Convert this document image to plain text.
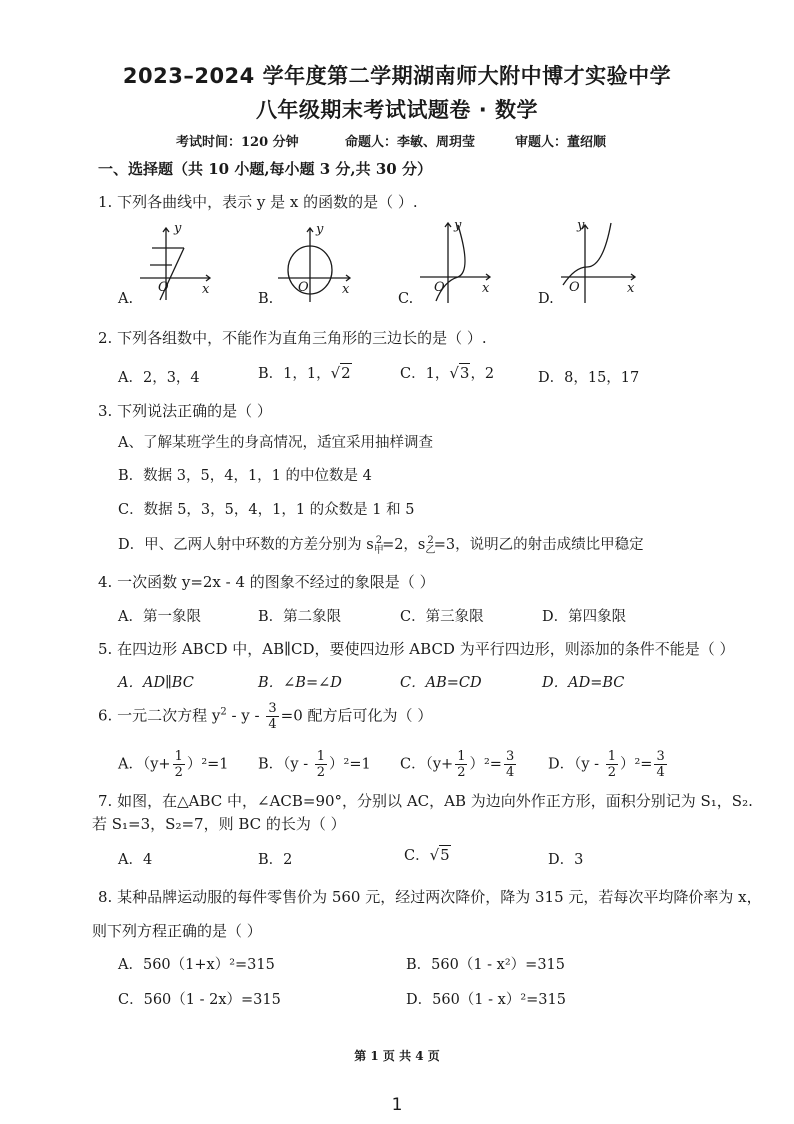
2023–2024 学年度第二学期湖南师大附中博才实验中学
八年级期末考试试题卷 · 数学
考试时间：120 分钟	命题人：李敏、周玥莹	审题人：董绍顺
一、选择题（共 10 小题,每小题 3 分,共 30 分）
1. 下列各曲线中，表示 y 是 x 的函数的是（ ）.
y
x
O
A.
y
x
O
B.
y
x
O
C.
y
x
O
D.
2. 下列各组数中，不能作为直角三角形的三边长的是（ ）.
A．2，3，4	B．1，1，√2	C．1，√3，2	D．8，15，17
3. 下列说法正确的是（ ）
A、了解某班学生的身高情况，适宜采用抽样调查
B．数据 3，5，4，1，1 的中位数是 4
C．数据 5，3，5，4，1，1 的众数是 1 和 5
D．甲、乙两人射中环数的方差分别为 $s_甲^2=2$，$s_乙^2=3$，说明乙的射击成绩比甲稳定
4. 一次函数 y=2x - 4 的图象不经过的象限是（ ）
A．第一象限	B．第二象限	C．第三象限	D．第四象限
5. 在四边形 ABCD 中，AB∥CD，要使四边形 ABCD 为平行四边形，则添加的条件不能是（ ）
A．AD∥BC	B．∠B=∠D	C．AB=CD	D．AD=BC
6. 一元二次方程 $y^2 - y - \frac{3}{4} =0$ 配方后可化为（ ）
A．$(y+ \frac{1}{2} )^2=1$ B．$(y - \frac{1}{2} )^2=1$ C．$(y+ \frac{1}{2} )^2= \frac{3}{4}$ D．$(y - \frac{1}{2} )^2= \frac{3}{4}$
7. 如图，在△ABC 中，∠ACB=90°，分别以 AC，AB 为边向外作正方形，面积分别记为 S₁，S₂.
若 S₁=3，S₂=7，则 BC 的长为（ ）
A．4	B．2	C．√5	D．3
8. 某种品牌运动服的每件零售价为 560 元，经过两次降价，降为 315 元，若每次平均降价率为 x，
则下列方程正确的是（ ）
A．560（1+x）²=315	B．560（1 - x²）=315
C．560（1 - 2x）=315	D．560（1 - x）²=315
第 1 页 共 4 页
1
